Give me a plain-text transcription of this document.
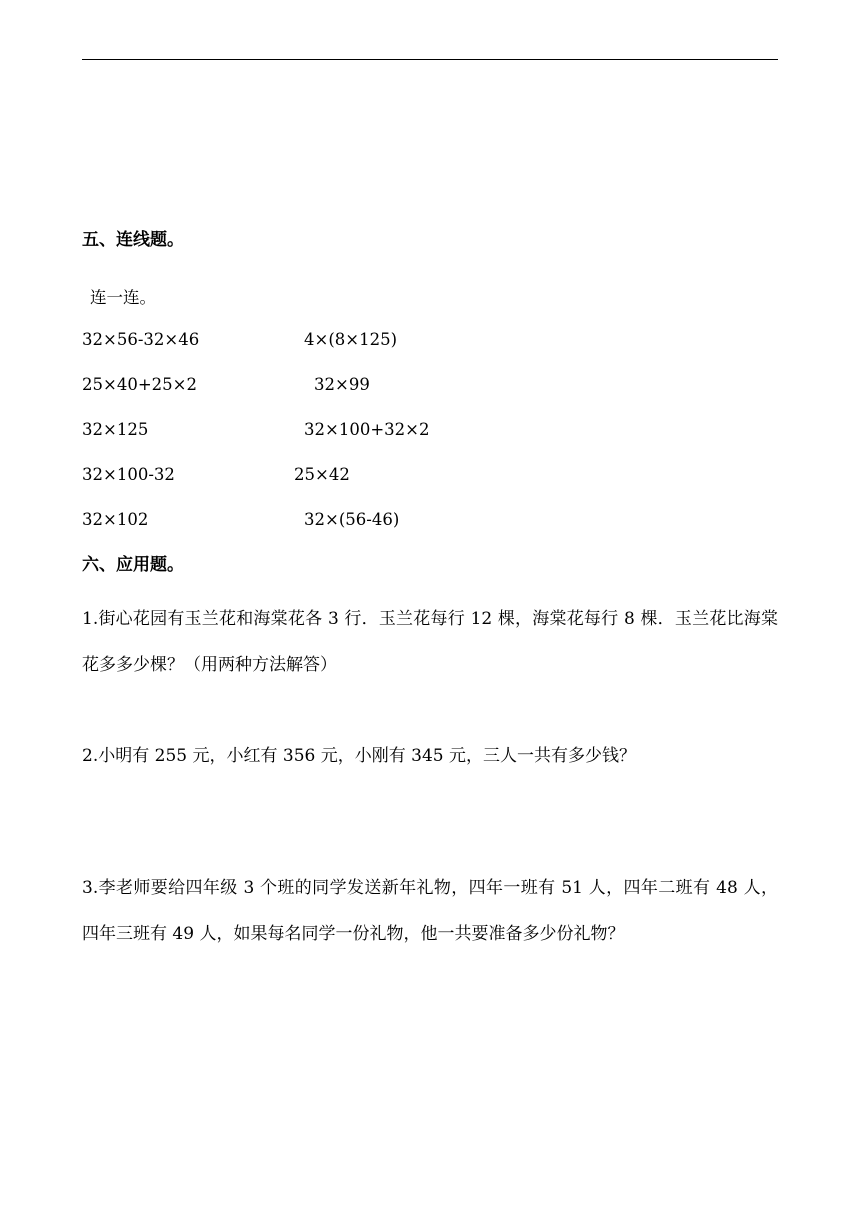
五、连线题。
连一连。
32×56-32×46	4×(8×125)
25×40+25×2	32×99
32×125	32×100+32×2
32×100-32	25×42
32×102	32×(56-46)
六、应用题。
1.街心花园有玉兰花和海棠花各 3 行．玉兰花每行 12 棵，海棠花每行 8 棵．玉兰花比海棠花多多少棵？（用两种方法解答）
2.小明有 255 元，小红有 356 元，小刚有 345 元，三人一共有多少钱？
3.李老师要给四年级 3 个班的同学发送新年礼物，四年一班有 51 人，四年二班有 48 人，四年三班有 49 人，如果每名同学一份礼物，他一共要准备多少份礼物？
